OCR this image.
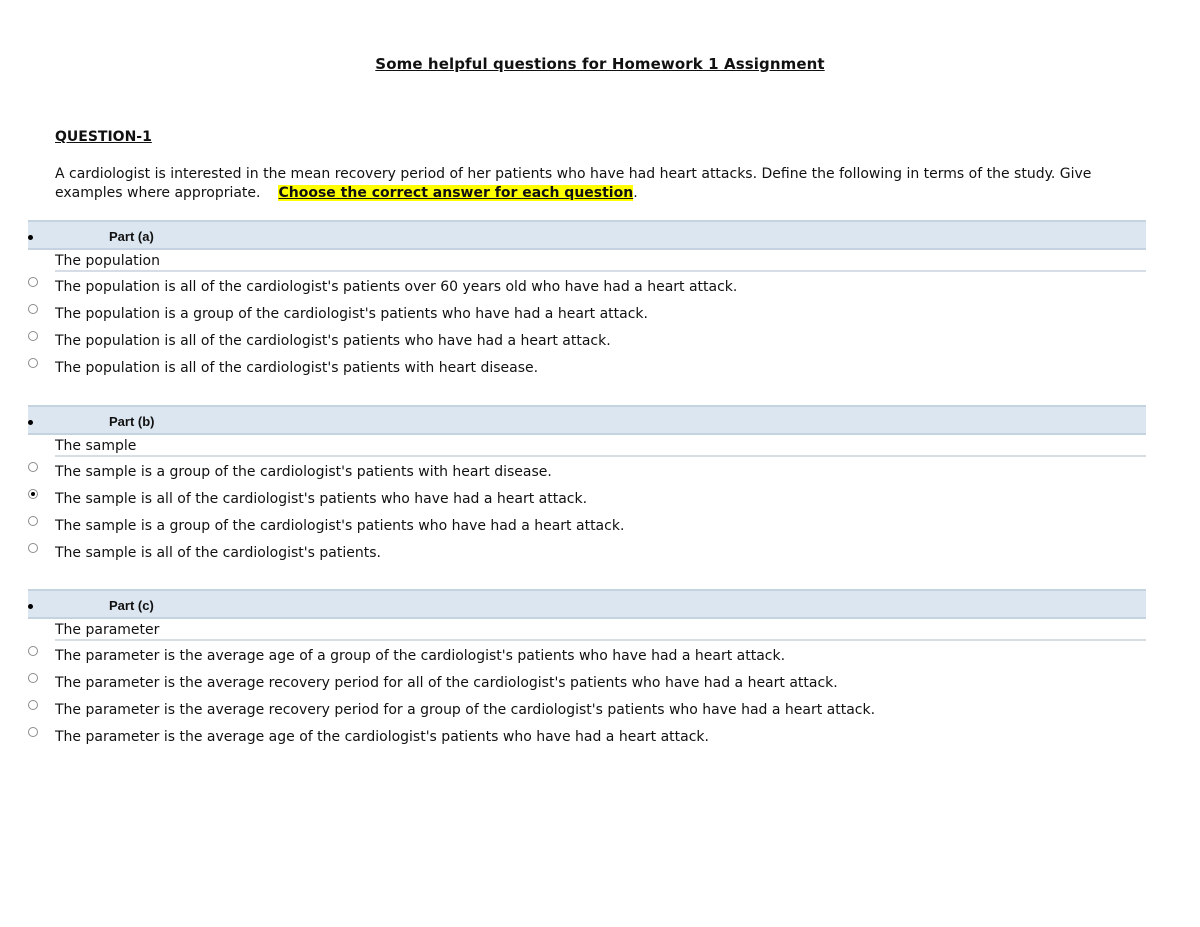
Some helpful questions for Homework 1 Assignment
QUESTION-1
A cardiologist is interested in the mean recovery period of her patients who have had heart attacks. Define the following in terms of the study. Give examples where appropriate. Choose the correct answer for each question.
Part (a)
The population
The population is all of the cardiologist's patients over 60 years old who have had a heart attack.
The population is a group of the cardiologist's patients who have had a heart attack.
The population is all of the cardiologist's patients who have had a heart attack.
The population is all of the cardiologist's patients with heart disease.
Part (b)
The sample
The sample is a group of the cardiologist's patients with heart disease.
The sample is all of the cardiologist's patients who have had a heart attack.
The sample is a group of the cardiologist's patients who have had a heart attack.
The sample is all of the cardiologist's patients.
Part (c)
The parameter
The parameter is the average age of a group of the cardiologist's patients who have had a heart attack.
The parameter is the average recovery period for all of the cardiologist's patients who have had a heart attack.
The parameter is the average recovery period for a group of the cardiologist's patients who have had a heart attack.
The parameter is the average age of the cardiologist's patients who have had a heart attack.
